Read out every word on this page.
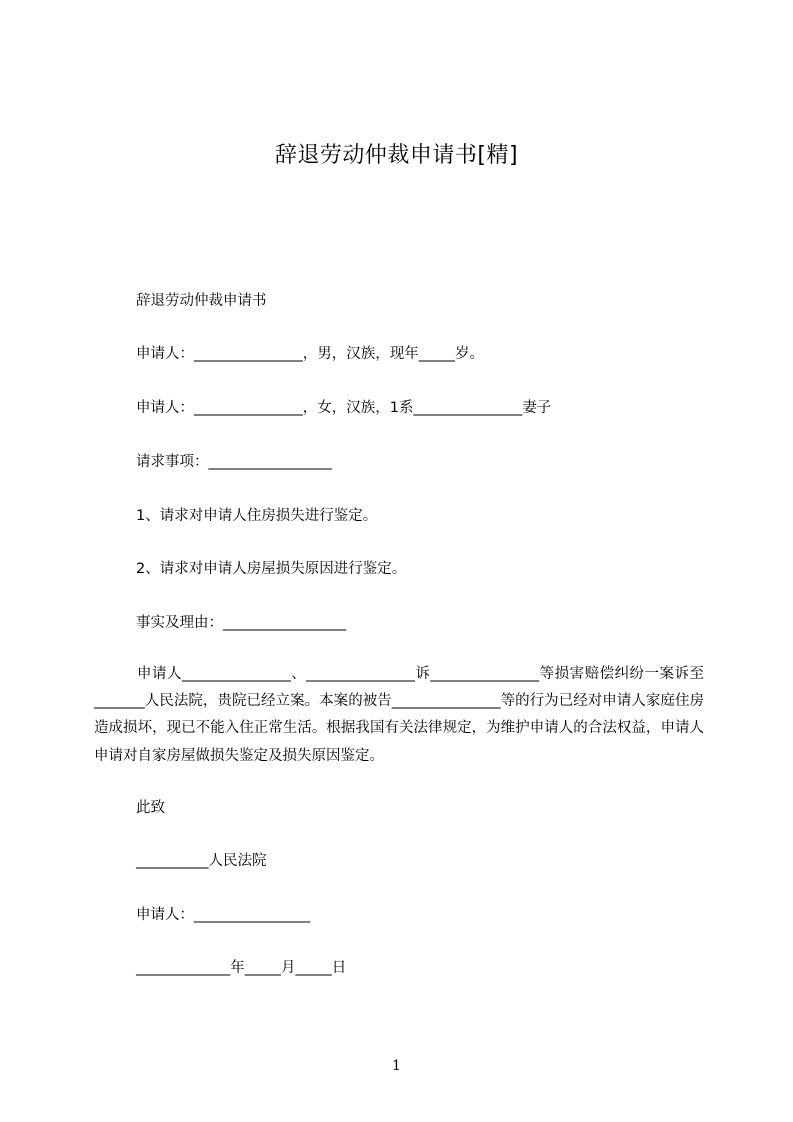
辞退劳动仲裁申请书[精]
辞退劳动仲裁申请书
申请人：_______________，男，汉族，现年_____岁。
申请人：_______________，女，汉族，1系_______________妻子
请求事项：_________________
1、请求对申请人住房损失进行鉴定。
2、请求对申请人房屋损失原因进行鉴定。
事实及理由：_________________
申请人_______________、_______________诉_______________等损害赔偿纠纷一案诉至_______人民法院，贵院已经立案。本案的被告_______________等的行为已经对申请人家庭住房造成损坏，现已不能入住正常生活。根据我国有关法律规定，为维护申请人的合法权益，申请人申请对自家房屋做损失鉴定及损失原因鉴定。
此致
__________人民法院
申请人：________________
_____________年_____月_____日
1
